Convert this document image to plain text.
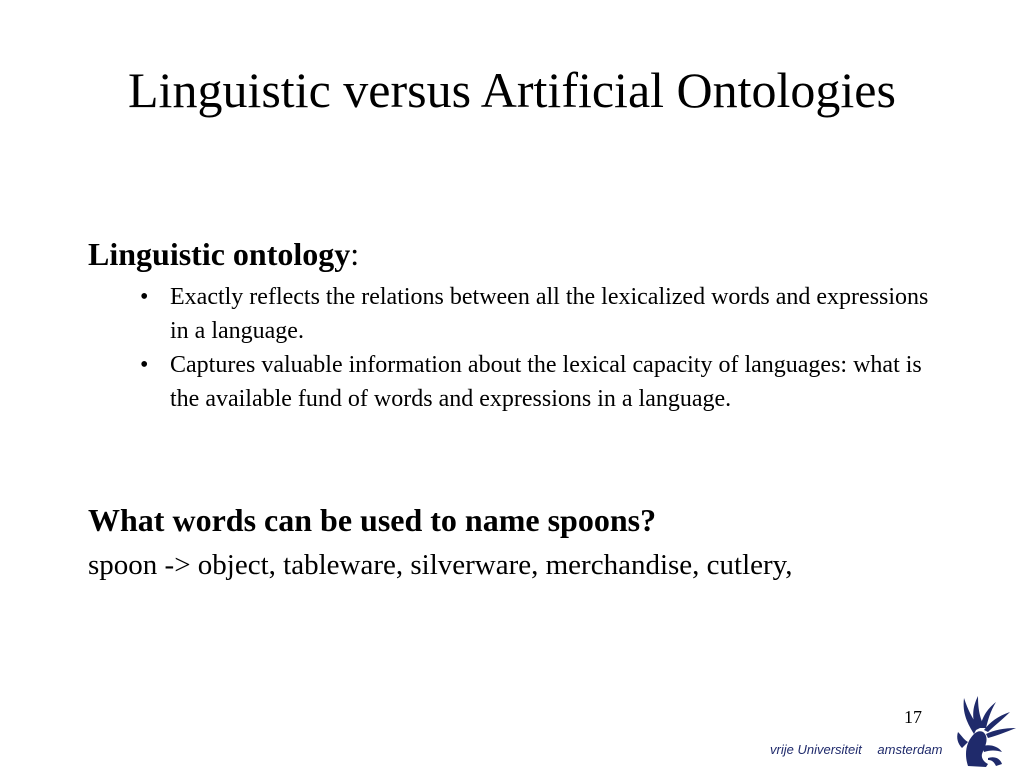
Linguistic versus Artificial Ontologies
Linguistic ontology:
• Exactly reflects the relations between all the lexicalized words and expressions in a language.
• Captures valuable information about the lexical capacity of languages: what is the available fund of words and expressions in a language.
What words can be used to name spoons?
spoon -> object, tableware, silverware, merchandise, cutlery,
17
vrije Universiteit amsterdam
